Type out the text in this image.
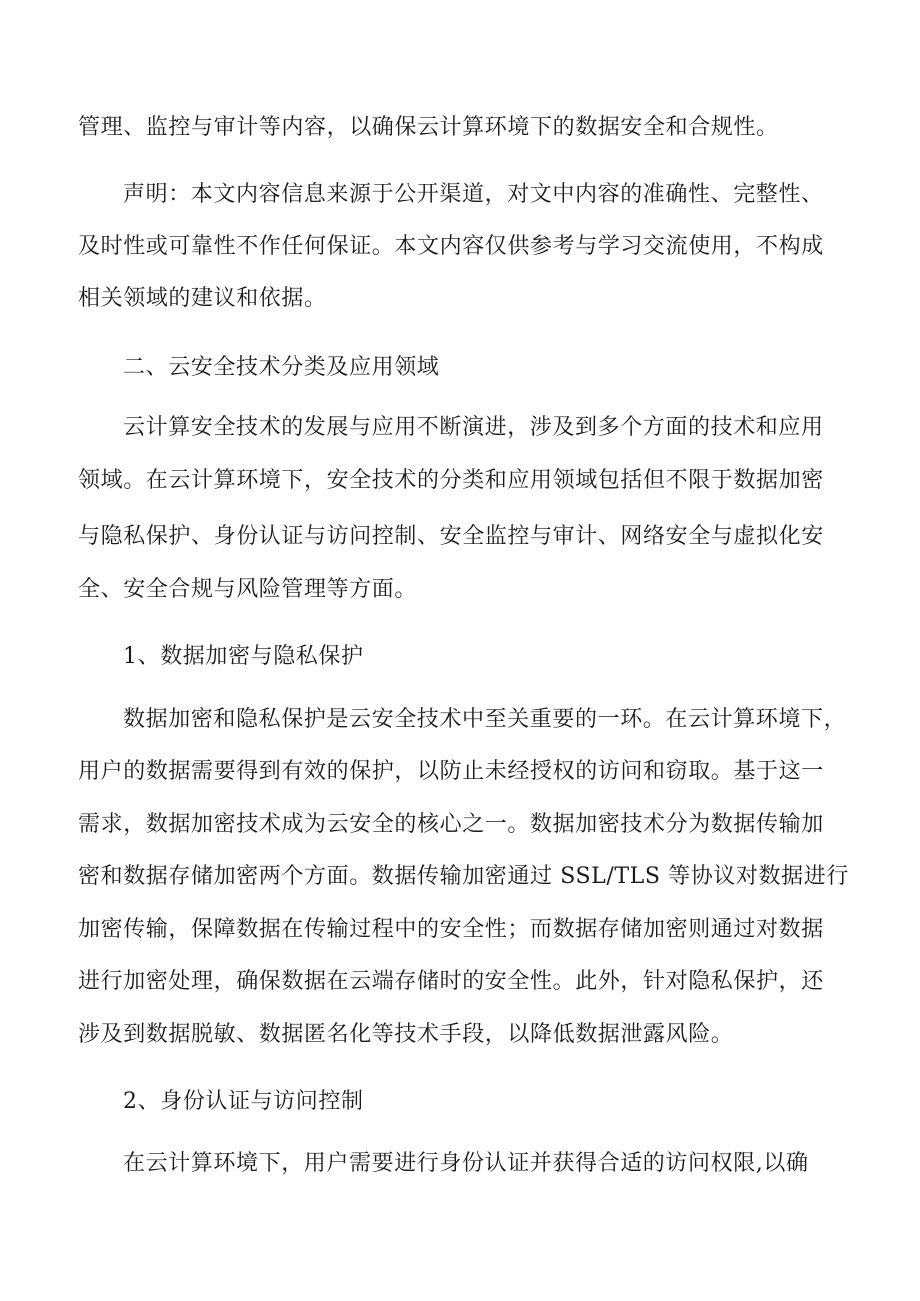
管理、监控与审计等内容，以确保云计算环境下的数据安全和合规性。
声明：本文内容信息来源于公开渠道，对文中内容的准确性、完整性、
及时性或可靠性不作任何保证。本文内容仅供参考与学习交流使用，不构成
相关领域的建议和依据。
二、云安全技术分类及应用领域
云计算安全技术的发展与应用不断演进，涉及到多个方面的技术和应用
领域。在云计算环境下，安全技术的分类和应用领域包括但不限于数据加密
与隐私保护、身份认证与访问控制、安全监控与审计、网络安全与虚拟化安
全、安全合规与风险管理等方面。
1、数据加密与隐私保护
数据加密和隐私保护是云安全技术中至关重要的一环。在云计算环境下，
用户的数据需要得到有效的保护，以防止未经授权的访问和窃取。基于这一
需求，数据加密技术成为云安全的核心之一。数据加密技术分为数据传输加
密和数据存储加密两个方面。数据传输加密通过 SSL/TLS 等协议对数据进行
加密传输，保障数据在传输过程中的安全性；而数据存储加密则通过对数据
进行加密处理，确保数据在云端存储时的安全性。此外，针对隐私保护，还
涉及到数据脱敏、数据匿名化等技术手段，以降低数据泄露风险。
2、身份认证与访问控制
在云计算环境下，用户需要进行身份认证并获得合适的访问权限,以确
